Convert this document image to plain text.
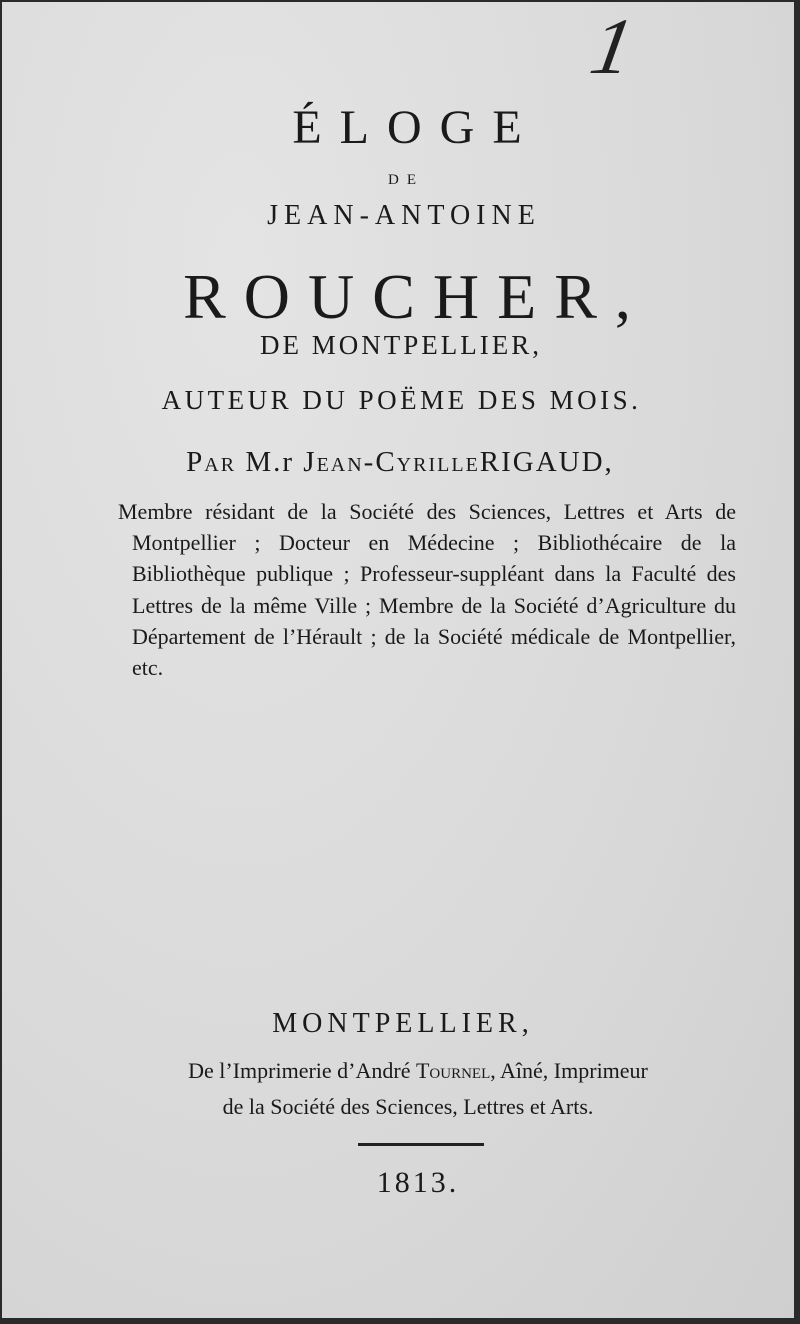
1
ÉLOGE
DE
JEAN-ANTOINE
ROUCHER,
DE MONTPELLIER,
AUTEUR DU POËME DES MOIS.
Par M.r Jean-CyrilleRIGAUD,
Membre résidant de la Société des Sciences, Lettres et Arts de Montpellier ; Docteur en Médecine ; Bibliothécaire de la Bibliothèque publique ; Professeur-suppléant dans la Faculté des Lettres de la même Ville ; Membre de la Société d’Agriculture du Département de l’Hérault ; de la Société médicale de Montpellier, etc.
MONTPELLIER,
De l’Imprimerie d’André Tournel, Aîné, Imprimeur
de la Société des Sciences, Lettres et Arts.
1813.
